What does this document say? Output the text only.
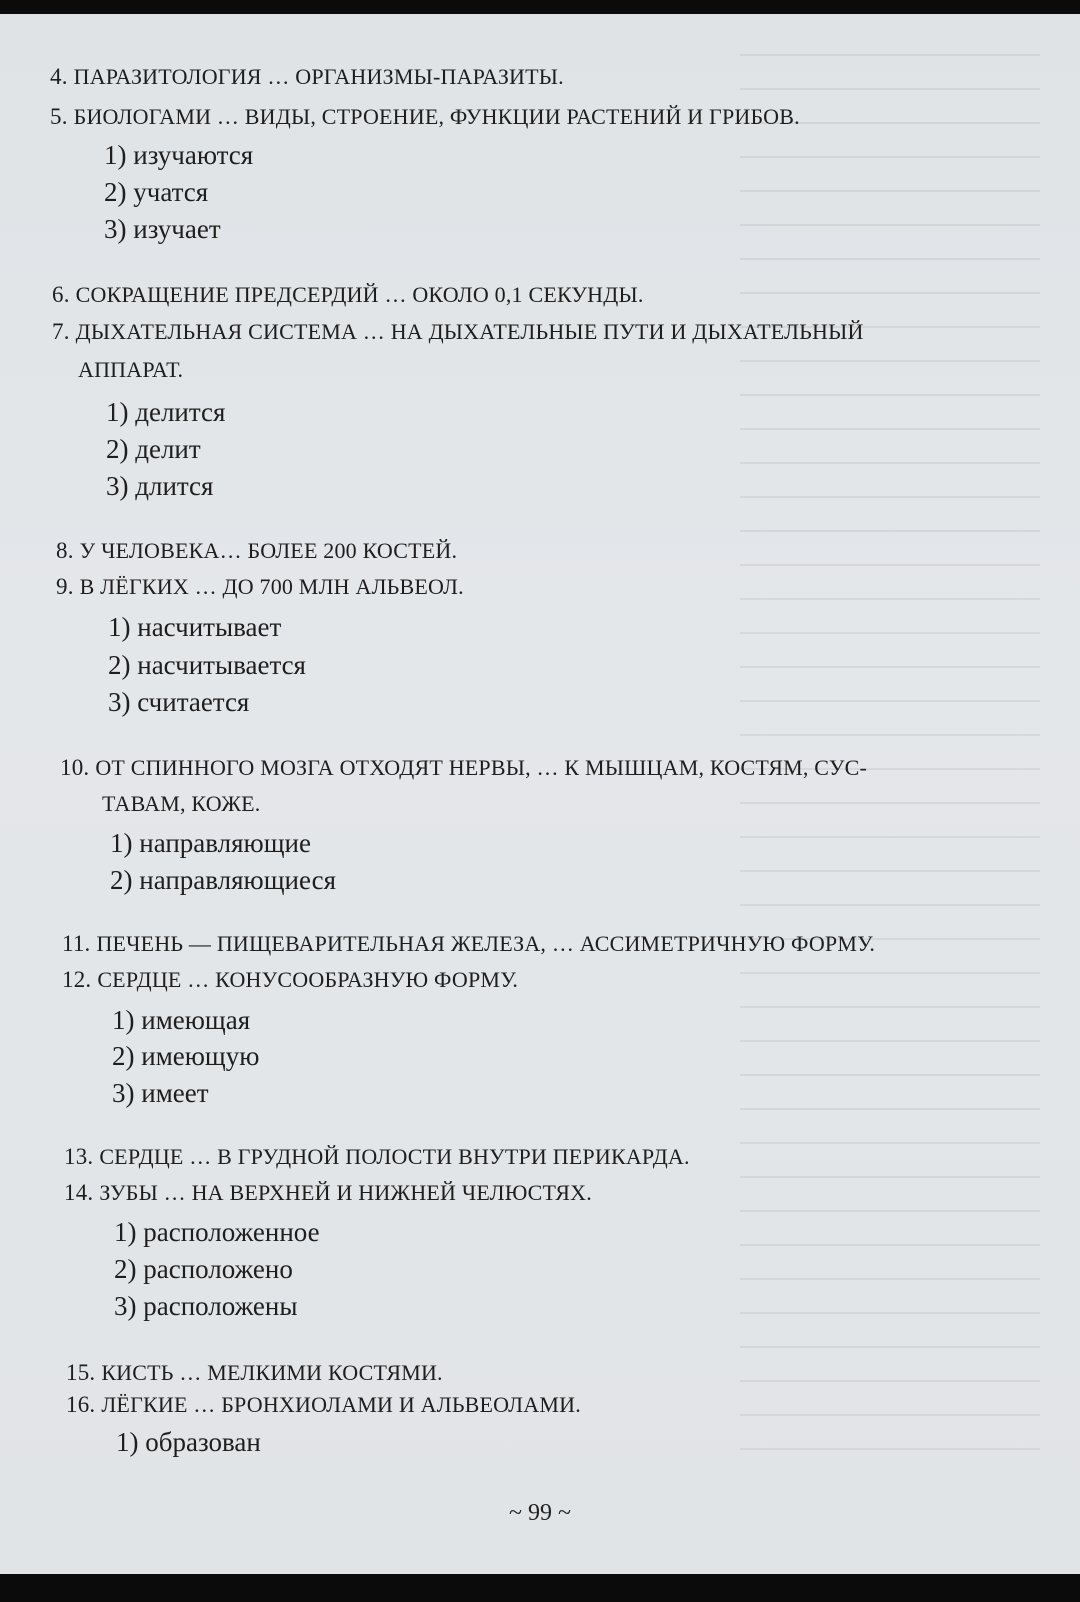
4. ПАРАЗИТОЛОГИЯ … ОРГАНИЗМЫ-ПАРАЗИТЫ.
5. БИОЛОГАМИ … ВИДЫ, СТРОЕНИЕ, ФУНКЦИИ РАСТЕНИЙ И ГРИБОВ.
1) изучаются
2) учатся
3) изучает
6. СОКРАЩЕНИЕ ПРЕДСЕРДИЙ … ОКОЛО 0,1 СЕКУНДЫ.
7. ДЫХАТЕЛЬНАЯ СИСТЕМА … НА ДЫХАТЕЛЬНЫЕ ПУТИ И ДЫХАТЕЛЬНЫЙ
АППАРАТ.
1) делится
2) делит
3) длится
8. У ЧЕЛОВЕКА… БОЛЕЕ 200 КОСТЕЙ.
9. В ЛЁГКИХ … ДО 700 МЛН АЛЬВЕОЛ.
1) насчитывает
2) насчитывается
3) считается
10. ОТ СПИННОГО МОЗГА ОТХОДЯТ НЕРВЫ, … К МЫШЦАМ, КОСТЯМ, СУС-
ТАВАМ, КОЖЕ.
1) направляющие
2) направляющиеся
11. ПЕЧЕНЬ — ПИЩЕВАРИТЕЛЬНАЯ ЖЕЛЕЗА, … АССИМЕТРИЧНУЮ ФОРМУ.
12. СЕРДЦЕ … КОНУСООБРАЗНУЮ ФОРМУ.
1) имеющая
2) имеющую
3) имеет
13. СЕРДЦЕ … В ГРУДНОЙ ПОЛОСТИ ВНУТРИ ПЕРИКАРДА.
14. ЗУБЫ … НА ВЕРХНЕЙ И НИЖНЕЙ ЧЕЛЮСТЯХ.
1) расположенное
2) расположено
3) расположены
15. КИСТЬ … МЕЛКИМИ КОСТЯМИ.
16. ЛЁГКИЕ … БРОНХИОЛАМИ И АЛЬВЕОЛАМИ.
1) образован
~ 99 ~
